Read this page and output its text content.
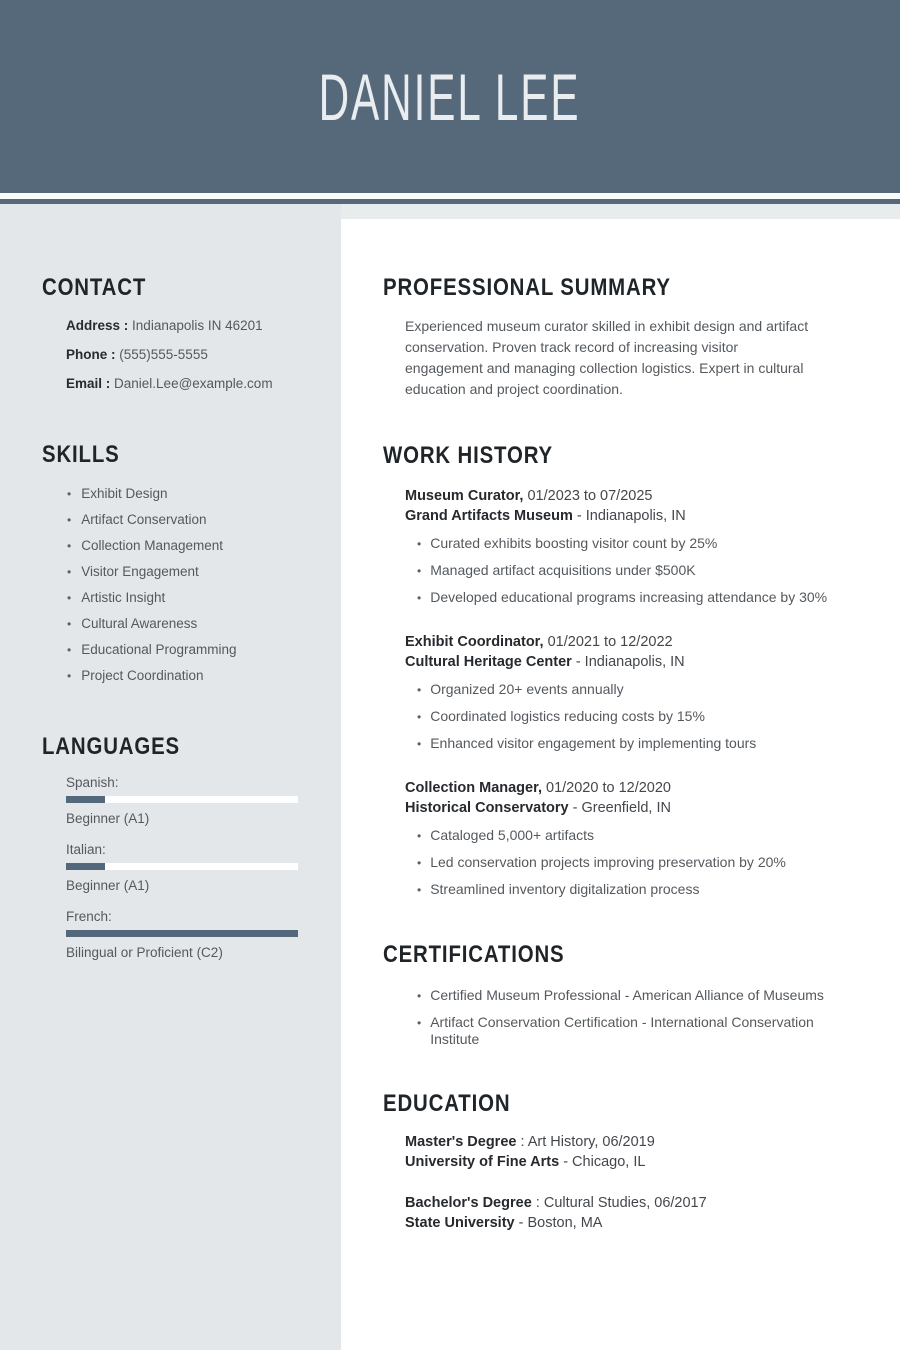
DANIEL LEE
CONTACT
Address : Indianapolis IN 46201
Phone : (555)555-5555
Email : Daniel.Lee@example.com
SKILLS
• Exhibit Design
• Artifact Conservation
• Collection Management
• Visitor Engagement
• Artistic Insight
• Cultural Awareness
• Educational Programming
• Project Coordination
LANGUAGES
Spanish:
Beginner (A1)
Italian:
Beginner (A1)
French:
Bilingual or Proficient (C2)
PROFESSIONAL SUMMARY

Experienced museum curator skilled in exhibit design and artifact conservation. Proven track record of increasing visitor engagement and managing collection logistics. Expert in cultural education and project coordination.

WORK HISTORY
Museum Curator, 01/2023 to 07/2025
Grand Artifacts Museum - Indianapolis, IN
• Curated exhibits boosting visitor count by 25%
• Managed artifact acquisitions under $500K
• Developed educational programs increasing attendance by 30%
Exhibit Coordinator, 01/2021 to 12/2022
Cultural Heritage Center - Indianapolis, IN
• Organized 20+ events annually
• Coordinated logistics reducing costs by 15%
• Enhanced visitor engagement by implementing tours
Collection Manager, 01/2020 to 12/2020
Historical Conservatory - Greenfield, IN
• Cataloged 5,000+ artifacts
• Led conservation projects improving preservation by 20%
• Streamlined inventory digitalization process
CERTIFICATIONS
• Certified Museum Professional - American Alliance of Museums
• Artifact Conservation Certification - International Conservation Institute
EDUCATION
Master's Degree : Art History, 06/2019
University of Fine Arts - Chicago, IL
Bachelor's Degree : Cultural Studies, 06/2017
State University - Boston, MA
